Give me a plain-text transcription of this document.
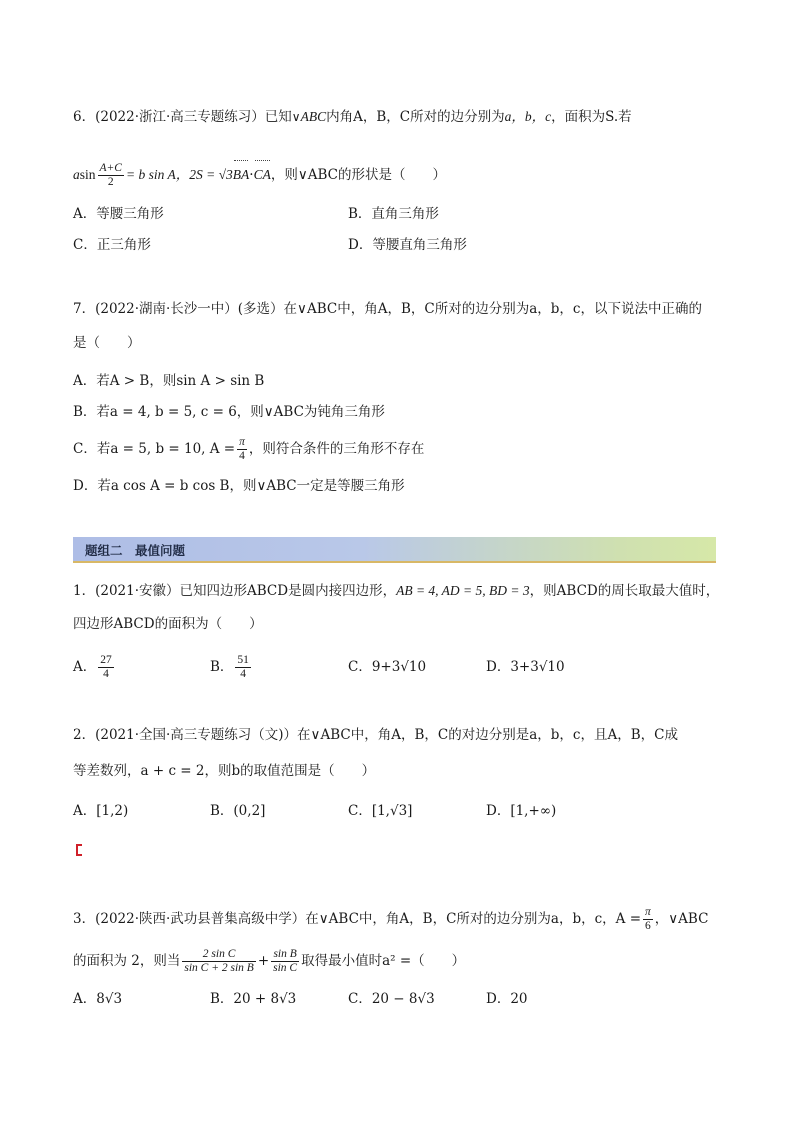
6．(2022·浙江·高三专题练习）已知∨ABC内角A，B，C所对的边分别为a，b，c，面积为S.若
asin $\frac{A+C}{2} = b$ sin A，2S = √3BA·CA，则∨ABC的形状是（　　）
A．等腰三角形	B．直角三角形
C．正三角形	D．等腰直角三角形
7．(2022·湖南·长沙一中）(多选）在∨ABC中，角A，B，C所对的边分别为a，b，c，以下说法中正确的
是（　　）
A．若A > B，则sin A > sin B
B．若a = 4, b = 5, c = 6，则∨ABC为钝角三角形
C．若a = 5, b = 10, $A = \frac{\pi}{4}$ ，则符合条件的三角形不存在
D．若a cos A = b cos B，则∨ABC一定是等腰三角形
题组二　最值问题
1．(2021·安徽）已知四边形ABCD是圆内接四边形，AB = 4, AD = 5, BD = 3，则ABCD的周长取最大值时，
四边形ABCD的面积为（　　）
A． $\frac{27}{4}$	B． $\frac{51}{4}$	C．9+3√10	D．3+3√10
2．(2021·全国·高三专题练习（文)）在∨ABC中，角A，B，C的对边分别是a，b，c，且A，B，C成
等差数列，a + c = 2，则b的取值范围是（　　）
A．[1,2)	B．(0,2]	C．[1,√3]	D．[1,+∞)
3．(2022·陕西·武功县普集高级中学）在∨ABC中，角A，B，C所对的边分别为a，b，c，$A = \frac{\pi}{6}$ ，∨ABC
的面积为 2，则当 $\frac{\text{2 sin C}}{\text{sin C + 2 sin B}} + \frac{\text{sin B}}{\text{sin C}}$ 取得最小值时a² =（　　）
A．8√3	B．20 + 8√3	C．20 − 8√3	D．20
